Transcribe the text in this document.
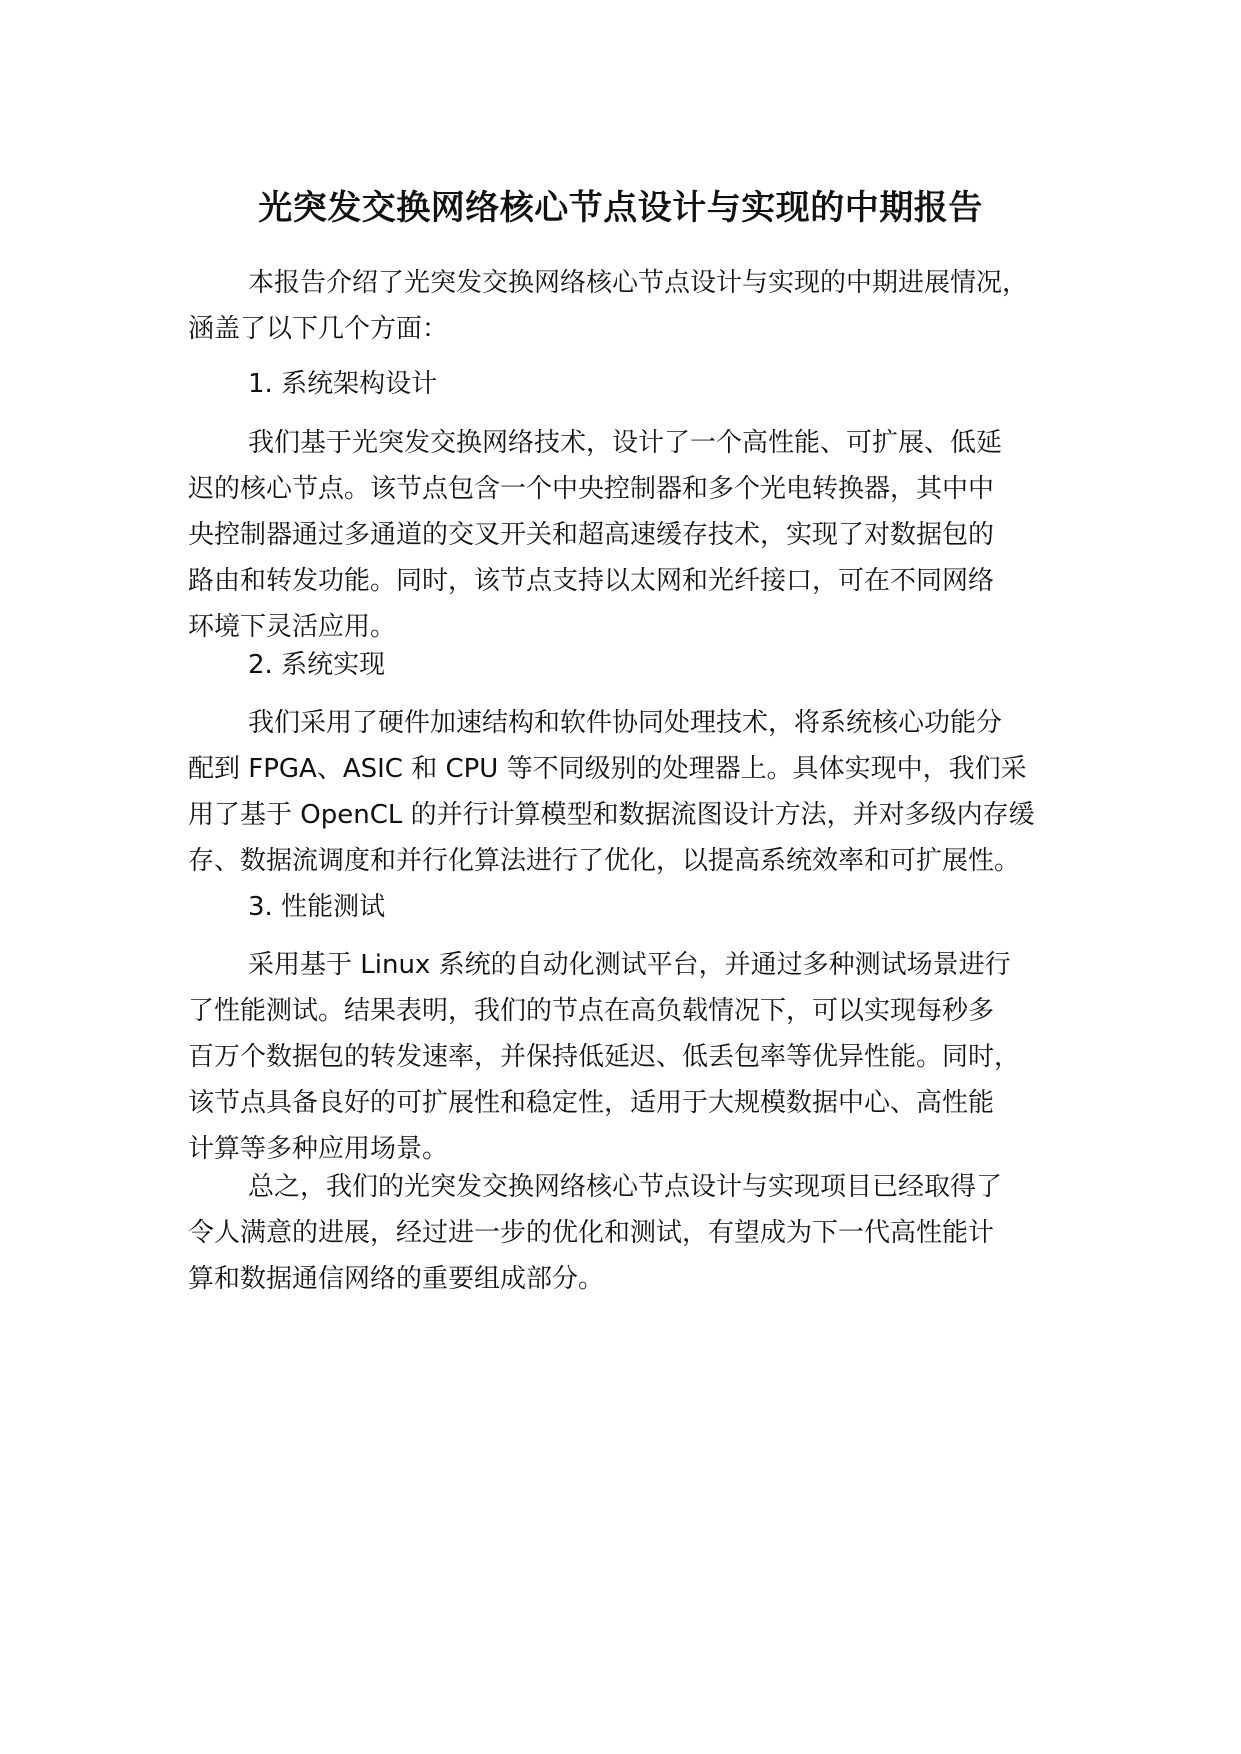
光突发交换网络核心节点设计与实现的中期报告
本报告介绍了光突发交换网络核心节点设计与实现的中期进展情况，
涵盖了以下几个方面：
1. 系统架构设计
我们基于光突发交换网络技术，设计了一个高性能、可扩展、低延
迟的核心节点。该节点包含一个中央控制器和多个光电转换器，其中中
央控制器通过多通道的交叉开关和超高速缓存技术，实现了对数据包的
路由和转发功能。同时，该节点支持以太网和光纤接口，可在不同网络
环境下灵活应用。
2. 系统实现
我们采用了硬件加速结构和软件协同处理技术，将系统核心功能分
配到 FPGA、ASIC 和 CPU 等不同级别的处理器上。具体实现中，我们采
用了基于 OpenCL 的并行计算模型和数据流图设计方法，并对多级内存缓
存、数据流调度和并行化算法进行了优化，以提高系统效率和可扩展性。
3. 性能测试
采用基于 Linux 系统的自动化测试平台，并通过多种测试场景进行
了性能测试。结果表明，我们的节点在高负载情况下，可以实现每秒多
百万个数据包的转发速率，并保持低延迟、低丢包率等优异性能。同时，
该节点具备良好的可扩展性和稳定性，适用于大规模数据中心、高性能
计算等多种应用场景。
总之，我们的光突发交换网络核心节点设计与实现项目已经取得了
令人满意的进展，经过进一步的优化和测试，有望成为下一代高性能计
算和数据通信网络的重要组成部分。
